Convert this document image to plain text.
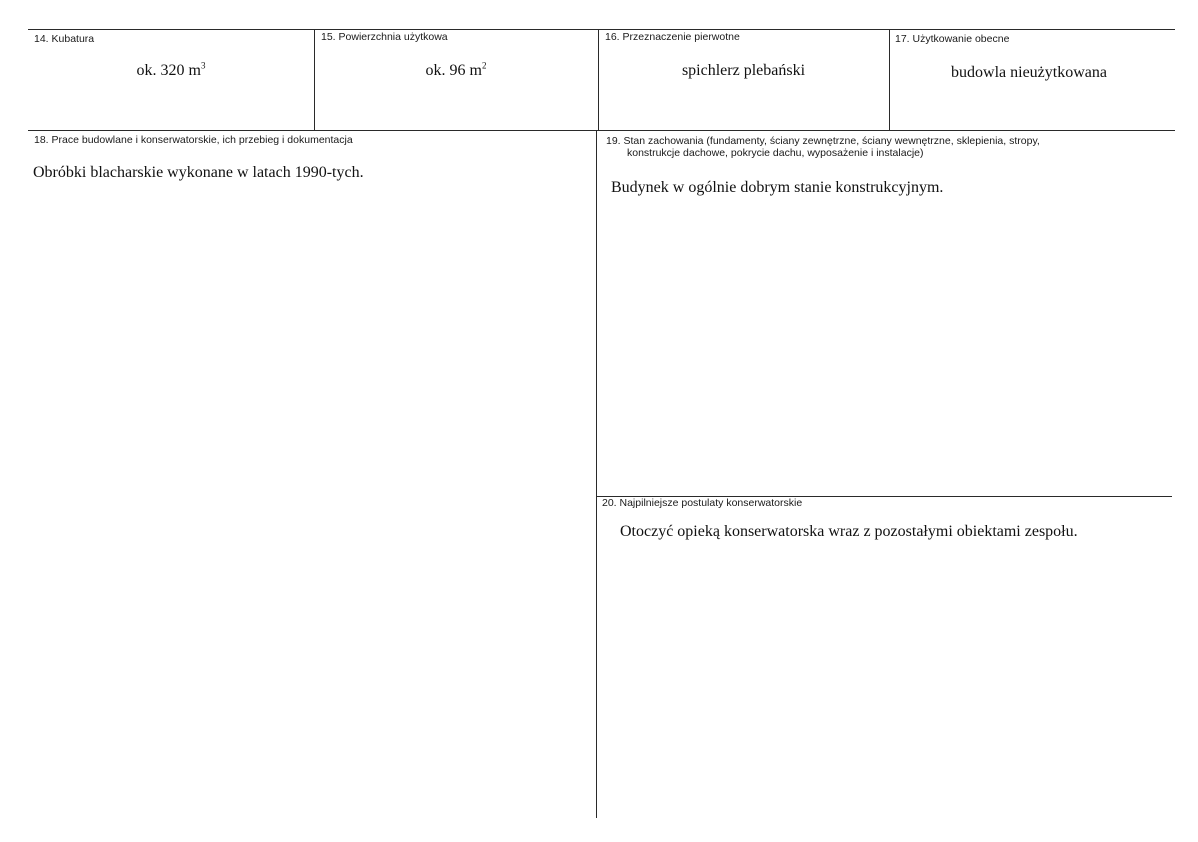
14. Kubatura
ok. 320 $m^3$
15. Powierzchnia użytkowa
ok. 96 $m^2$
16. Przeznaczenie pierwotne
spichlerz plebański
17. Użytkowanie obecne
budowla nieużytkowana
18. Prace budowlane i konserwatorskie, ich przebieg i dokumentacja
Obróbki blacharskie wykonane w latach 1990-tych.
19. Stan zachowania (fundamenty, ściany zewnętrzne, ściany wewnętrzne, sklepienia, stropy,
konstrukcje dachowe, pokrycie dachu, wyposażenie i instalacje)
Budynek w ogólnie dobrym stanie konstrukcyjnym.
20. Najpilniejsze postulaty konserwatorskie
Otoczyć opieką konserwatorska wraz z pozostałymi obiektami zespołu.
